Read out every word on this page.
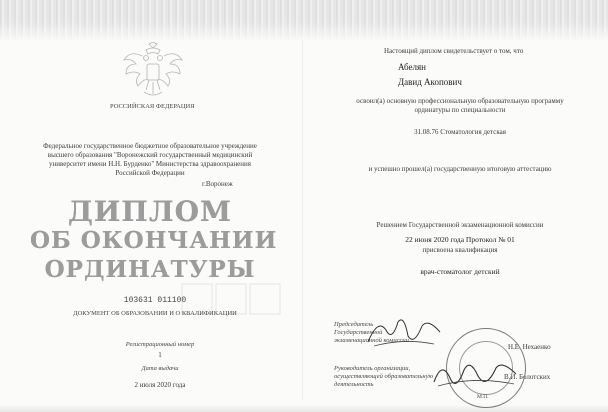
РОССИЙСКАЯ ФЕДЕРАЦИЯ
Федеральное государственное бюджетное образовательное учреждение
высшего образования "Воронежский государственный медицинский
университет имени Н.Н. Бурденко" Министерства здравоохранения
Российской Федерации
г.Воронеж
ДИПЛОМ
ОБ ОКОНЧАНИИ
ОРДИНАТУРЫ
103631 011100
ДОКУМЕНТ ОБ ОБРАЗОВАНИИ И О КВАЛИФИКАЦИИ
Регистрационный номер
1
Дата выдачи
2 июля 2020 года
Настоящий диплом свидетельствует о том, что
Абелян
Давид Акопович
освоил(а) основную профессиональную образовательную программу
ординатуры по специальности
31.08.76 Стоматология детская
и успешно прошел(а) государственную итоговую аттестацию
Решением Государственной экзаменационной комиссии
22 июня 2020 года Протокол № 01
присвоена квалификация
врач-стоматолог детский
Председатель
Государственной
экзаменационной комиссии
Н.Е. Нехаенко
Руководитель организации,
осуществляющей образовательную
деятельность
В.И. Болотских
М.П.
